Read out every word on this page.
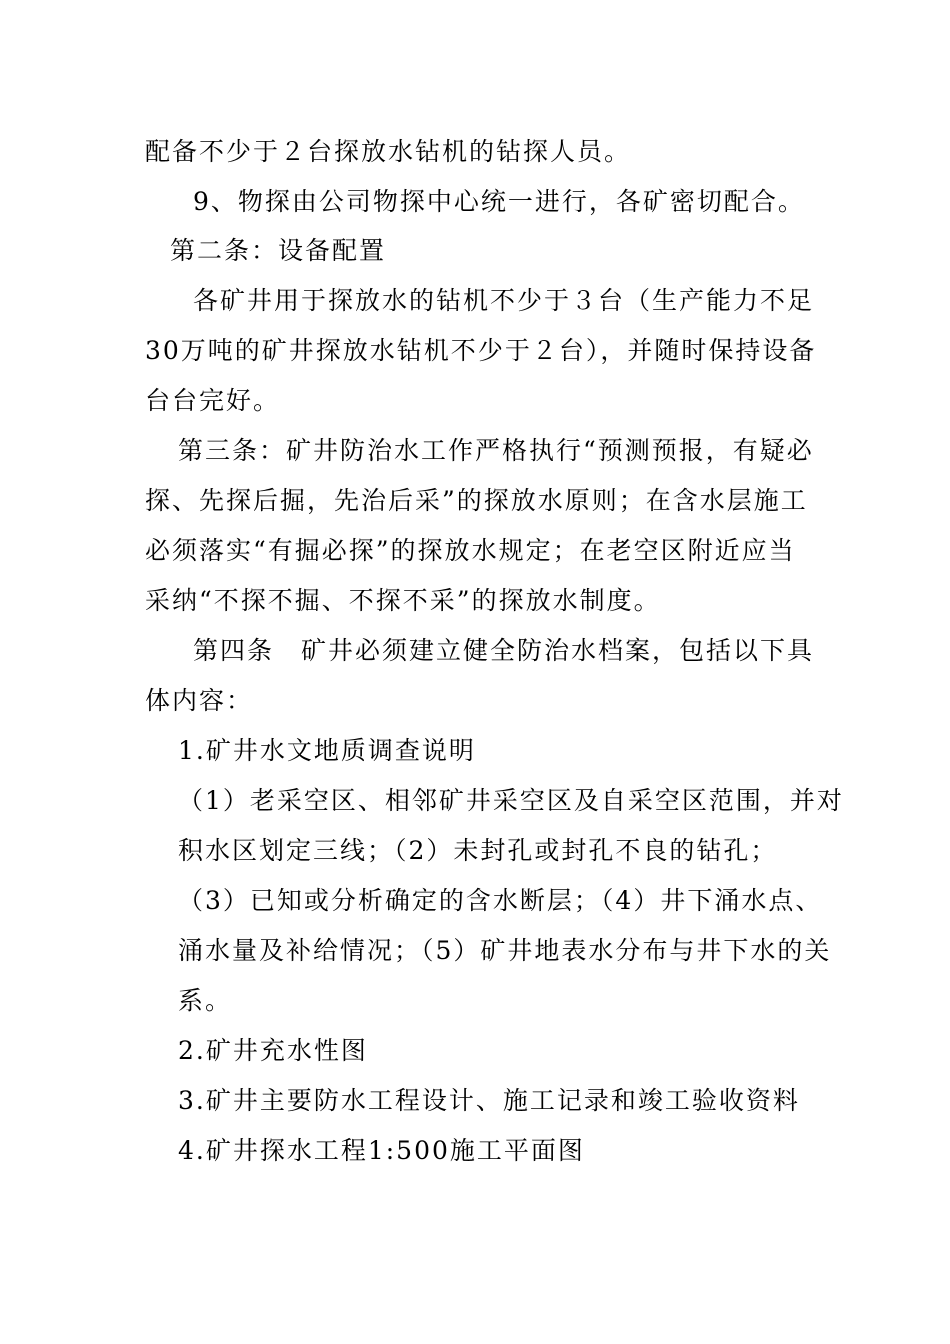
配备不少于２台探放水钻机的钻探人员。
9、物探由公司物探中心统一进行，各矿密切配合。
第二条：设备配置
各矿井用于探放水的钻机不少于３台（生产能力不足
30万吨的矿井探放水钻机不少于２台），并随时保持设备
台台完好。
第三条：矿井防治水工作严格执行“预测预报，有疑必
探、先探后掘，先治后采”的探放水原则；在含水层施工
必须落实“有掘必探”的探放水规定；在老空区附近应当
采纳“不探不掘、不探不采”的探放水制度。
第四条　矿井必须建立健全防治水档案，包括以下具
体内容：
1.矿井水文地质调查说明
（1）老采空区、相邻矿井采空区及自采空区范围，并对
积水区划定三线；（2）未封孔或封孔不良的钻孔；
（3）已知或分析确定的含水断层；（4）井下涌水点、
涌水量及补给情况；（5）矿井地表水分布与井下水的关
系。
2.矿井充水性图
3.矿井主要防水工程设计、施工记录和竣工验收资料
4.矿井探水工程1:500施工平面图
